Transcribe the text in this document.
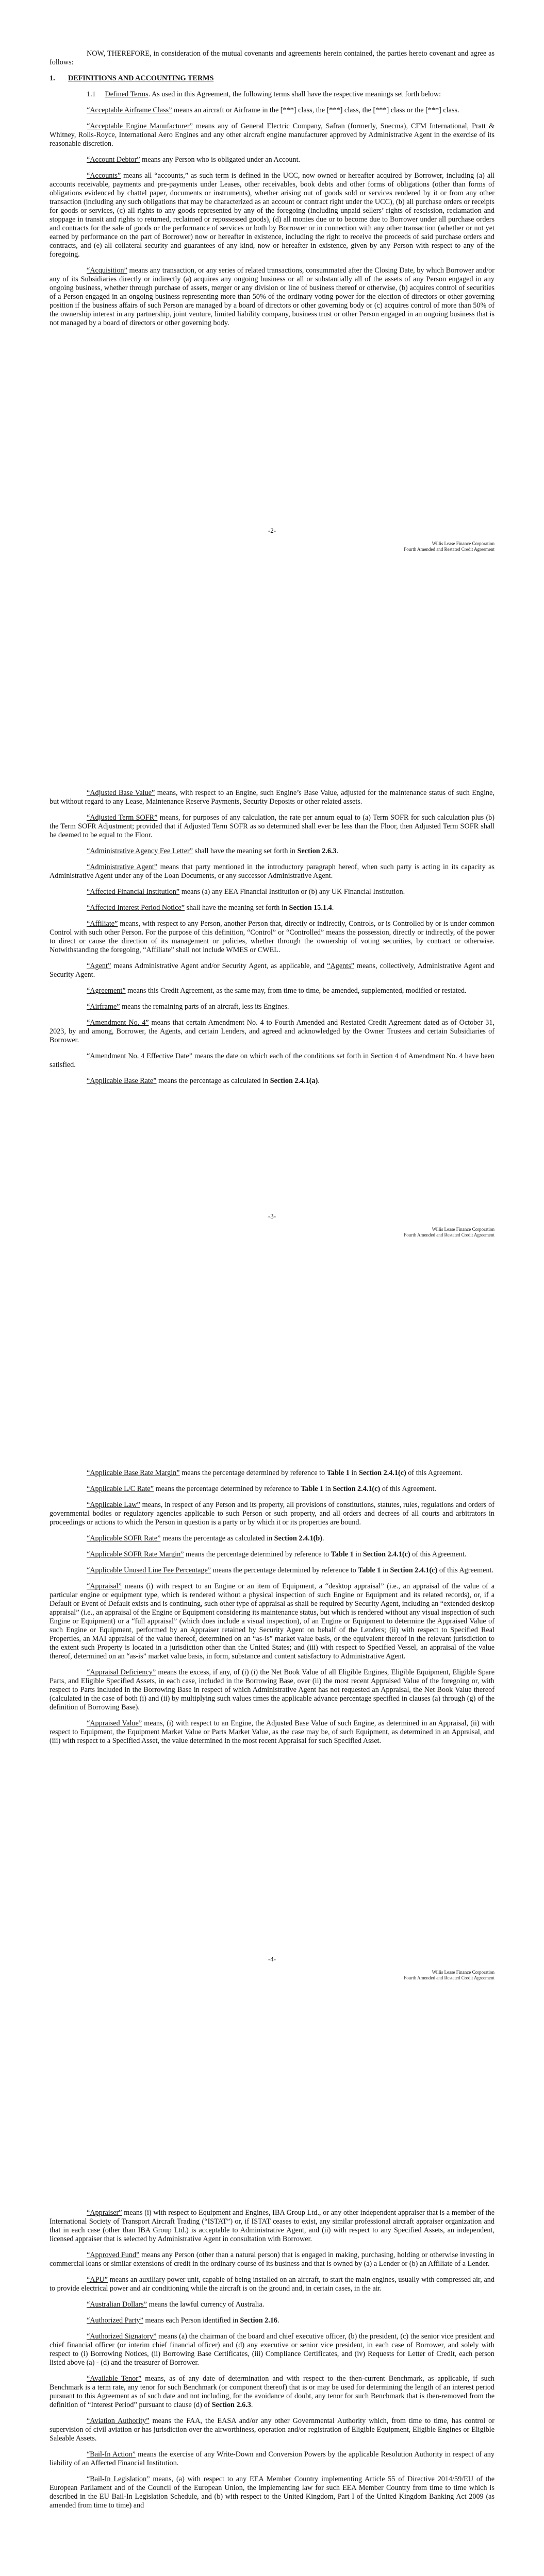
NOW, THEREFORE, in consideration of the mutual covenants and agreements herein contained, the parties hereto covenant and agree as follows:

1. DEFINITIONS AND ACCOUNTING TERMS

1.1 Defined Terms. As used in this Agreement, the following terms shall have the respective meanings set forth below:

“Acceptable Airframe Class” means an aircraft or Airframe in the [***] class, the [***] class, the [***] class or the [***] class.

“Acceptable Engine Manufacturer” means any of General Electric Company, Safran (formerly, Snecma), CFM International, Pratt & Whitney, Rolls-Royce, International Aero Engines and any other aircraft engine manufacturer approved by Administrative Agent in the exercise of its reasonable discretion.

“Account Debtor” means any Person who is obligated under an Account.

“Accounts” means all “accounts,” as such term is defined in the UCC, now owned or hereafter acquired by Borrower, including (a) all accounts receivable, payments and pre-payments under Leases, other receivables, book debts and other forms of obligations (other than forms of obligations evidenced by chattel paper, documents or instruments), whether arising out of goods sold or services rendered by it or from any other transaction (including any such obligations that may be characterized as an account or contract right under the UCC), (b) all purchase orders or receipts for goods or services, (c) all rights to any goods represented by any of the foregoing (including unpaid sellers’ rights of rescission, reclamation and stoppage in transit and rights to returned, reclaimed or repossessed goods), (d) all monies due or to become due to Borrower under all purchase orders and contracts for the sale of goods or the performance of services or both by Borrower or in connection with any other transaction (whether or not yet earned by performance on the part of Borrower) now or hereafter in existence, including the right to receive the proceeds of said purchase orders and contracts, and (e) all collateral security and guarantees of any kind, now or hereafter in existence, given by any Person with respect to any of the foregoing.

“Acquisition” means any transaction, or any series of related transactions, consummated after the Closing Date, by which Borrower and/or any of its Subsidiaries directly or indirectly (a) acquires any ongoing business or all or substantially all of the assets of any Person engaged in any ongoing business, whether through purchase of assets, merger or any division or line of business thereof or otherwise, (b) acquires control of securities of a Person engaged in an ongoing business representing more than 50% of the ordinary voting power for the election of directors or other governing position if the business affairs of such Person are managed by a board of directors or other governing body or (c) acquires control of more than 50% of the ownership interest in any partnership, joint venture, limited liability company, business trust or other Person engaged in an ongoing business that is not managed by a board of directors or other governing body.

-2-
Willis Lease Finance Corporation
Fourth Amended and Restated Credit Agreement

“Adjusted Base Value” means, with respect to an Engine, such Engine’s Base Value, adjusted for the maintenance status of such Engine, but without regard to any Lease, Maintenance Reserve Payments, Security Deposits or other related assets.

“Adjusted Term SOFR” means, for purposes of any calculation, the rate per annum equal to (a) Term SOFR for such calculation plus (b) the Term SOFR Adjustment; provided that if Adjusted Term SOFR as so determined shall ever be less than the Floor, then Adjusted Term SOFR shall be deemed to be equal to the Floor.

“Administrative Agency Fee Letter” shall have the meaning set forth in Section 2.6.3.

“Administrative Agent” means that party mentioned in the introductory paragraph hereof, when such party is acting in its capacity as Administrative Agent under any of the Loan Documents, or any successor Administrative Agent.

“Affected Financial Institution” means (a) any EEA Financial Institution or (b) any UK Financial Institution.

“Affected Interest Period Notice” shall have the meaning set forth in Section 15.1.4.

“Affiliate” means, with respect to any Person, another Person that, directly or indirectly, Controls, or is Controlled by or is under common Control with such other Person. For the purpose of this definition, “Control” or “Controlled” means the possession, directly or indirectly, of the power to direct or cause the direction of its management or policies, whether through the ownership of voting securities, by contract or otherwise. Notwithstanding the foregoing, “Affiliate” shall not include WMES or CWEL.

“Agent” means Administrative Agent and/or Security Agent, as applicable, and “Agents” means, collectively, Administrative Agent and Security Agent.

“Agreement” means this Credit Agreement, as the same may, from time to time, be amended, supplemented, modified or restated.

“Airframe” means the remaining parts of an aircraft, less its Engines.

“Amendment No. 4” means that certain Amendment No. 4 to Fourth Amended and Restated Credit Agreement dated as of October 31, 2023, by and among, Borrower, the Agents, and certain Lenders, and agreed and acknowledged by the Owner Trustees and certain Subsidiaries of Borrower.

“Amendment No. 4 Effective Date” means the date on which each of the conditions set forth in Section 4 of Amendment No. 4 have been satisfied.

“Applicable Base Rate” means the percentage as calculated in Section 2.4.1(a).

-3-
Willis Lease Finance Corporation
Fourth Amended and Restated Credit Agreement

“Applicable Base Rate Margin” means the percentage determined by reference to Table 1 in Section 2.4.1(c) of this Agreement.

“Applicable L/C Rate” means the percentage determined by reference to Table 1 in Section 2.4.1(c) of this Agreement.

“Applicable Law” means, in respect of any Person and its property, all provisions of constitutions, statutes, rules, regulations and orders of governmental bodies or regulatory agencies applicable to such Person or such property, and all orders and decrees of all courts and arbitrators in proceedings or actions to which the Person in question is a party or by which it or its properties are bound.

“Applicable SOFR Rate” means the percentage as calculated in Section 2.4.1(b).

“Applicable SOFR Rate Margin” means the percentage determined by reference to Table 1 in Section 2.4.1(c) of this Agreement.

“Applicable Unused Line Fee Percentage” means the percentage determined by reference to Table 1 in Section 2.4.1(c) of this Agreement.

“Appraisal” means (i) with respect to an Engine or an item of Equipment, a “desktop appraisal” (i.e., an appraisal of the value of a particular engine or equipment type, which is rendered without a physical inspection of such Engine or Equipment and its related records), or, if a Default or Event of Default exists and is continuing, such other type of appraisal as shall be required by Security Agent, including an “extended desktop appraisal” (i.e., an appraisal of the Engine or Equipment considering its maintenance status, but which is rendered without any visual inspection of such Engine or Equipment) or a “full appraisal” (which does include a visual inspection), of an Engine or Equipment to determine the Appraised Value of such Engine or Equipment, performed by an Appraiser retained by Security Agent on behalf of the Lenders; (ii) with respect to Specified Real Properties, an MAI appraisal of the value thereof, determined on an “as-is” market value basis, or the equivalent thereof in the relevant jurisdiction to the extent such Property is located in a jurisdiction other than the United States; and (iii) with respect to Specified Vessel, an appraisal of the value thereof, determined on an “as-is” market value basis, in form, substance and content satisfactory to Administrative Agent.

“Appraisal Deficiency” means the excess, if any, of (i) (i) the Net Book Value of all Eligible Engines, Eligible Equipment, Eligible Spare Parts, and Eligible Specified Assets, in each case, included in the Borrowing Base, over (ii) the most recent Appraised Value of the foregoing or, with respect to Parts included in the Borrowing Base in respect of which Administrative Agent has not requested an Appraisal, the Net Book Value thereof (calculated in the case of both (i) and (ii) by multiplying such values times the applicable advance percentage specified in clauses (a) through (g) of the definition of Borrowing Base).

“Appraised Value” means, (i) with respect to an Engine, the Adjusted Base Value of such Engine, as determined in an Appraisal, (ii) with respect to Equipment, the Equipment Market Value or Parts Market Value, as the case may be, of such Equipment, as determined in an Appraisal, and (iii) with respect to a Specified Asset, the value determined in the most recent Appraisal for such Specified Asset.

-4-
Willis Lease Finance Corporation
Fourth Amended and Restated Credit Agreement

“Appraiser” means (i) with respect to Equipment and Engines, IBA Group Ltd., or any other independent appraiser that is a member of the International Society of Transport Aircraft Trading (“ISTAT”) or, if ISTAT ceases to exist, any similar professional aircraft appraiser organization and that in each case (other than IBA Group Ltd.) is acceptable to Administrative Agent, and (ii) with respect to any Specified Assets, an independent, licensed appraiser that is selected by Administrative Agent in consultation with Borrower.

“Approved Fund” means any Person (other than a natural person) that is engaged in making, purchasing, holding or otherwise investing in commercial loans or similar extensions of credit in the ordinary course of its business and that is owned by (a) a Lender or (b) an Affiliate of a Lender.

“APU” means an auxiliary power unit, capable of being installed on an aircraft, to start the main engines, usually with compressed air, and to provide electrical power and air conditioning while the aircraft is on the ground and, in certain cases, in the air.

“Australian Dollars” means the lawful currency of Australia.

“Authorized Party” means each Person identified in Section 2.16.

“Authorized Signatory” means (a) the chairman of the board and chief executive officer, (b) the president, (c) the senior vice president and chief financial officer (or interim chief financial officer) and (d) any executive or senior vice president, in each case of Borrower, and solely with respect to (i) Borrowing Notices, (ii) Borrowing Base Certificates, (iii) Compliance Certificates, and (iv) Requests for Letter of Credit, each person listed above (a) - (d) and the treasurer of Borrower.

“Available Tenor” means, as of any date of determination and with respect to the then-current Benchmark, as applicable, if such Benchmark is a term rate, any tenor for such Benchmark (or component thereof) that is or may be used for determining the length of an interest period pursuant to this Agreement as of such date and not including, for the avoidance of doubt, any tenor for such Benchmark that is then-removed from the definition of “Interest Period” pursuant to clause (d) of Section 2.6.3.

“Aviation Authority” means the FAA, the EASA and/or any other Governmental Authority which, from time to time, has control or supervision of civil aviation or has jurisdiction over the airworthiness, operation and/or registration of Eligible Equipment, Eligible Engines or Eligible Saleable Assets.

“Bail-In Action” means the exercise of any Write-Down and Conversion Powers by the applicable Resolution Authority in respect of any liability of an Affected Financial Institution.

“Bail-In Legislation” means, (a) with respect to any EEA Member Country implementing Article 55 of Directive 2014/59/EU of the European Parliament and of the Council of the European Union, the implementing law for such EEA Member Country from time to time which is described in the EU Bail-In Legislation Schedule, and (b) with respect to the United Kingdom, Part I of the United Kingdom Banking Act 2009 (as amended from time to time) and
